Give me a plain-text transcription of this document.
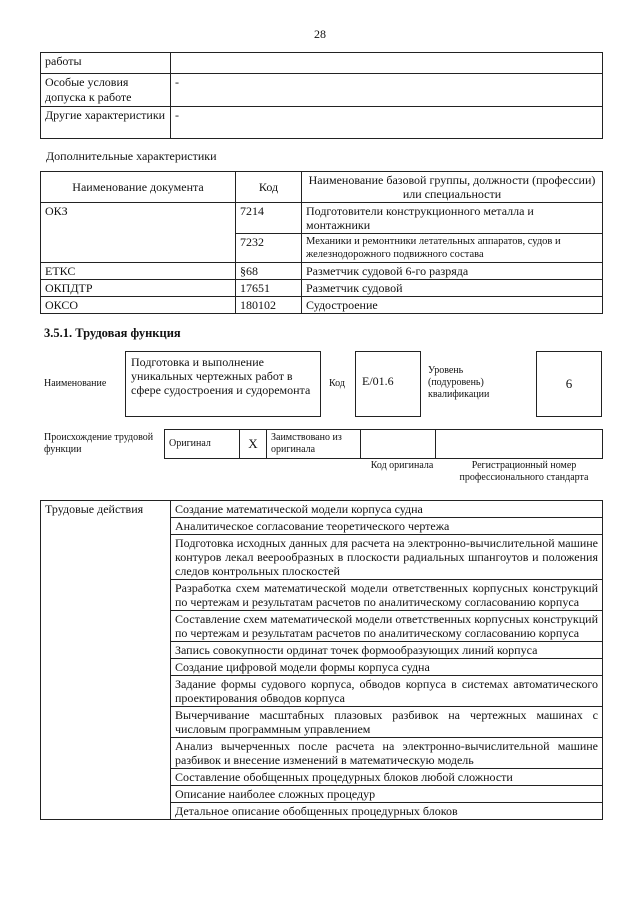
28
работы	
Особые условия допуска к работе	-
Другие характеристики	-
Дополнительные характеристики
Наименование документа	Код	Наименование базовой группы, должности (профессии) или специальности
ОКЗ	7214	Подготовители конструкционного металла и монтажники
	7232	Механики и ремонтники летательных аппаратов, судов и железнодорожного подвижного состава
ЕТКС	§68	Разметчик судовой 6-го разряда
ОКПДТР	17651	Разметчик судовой
ОКСО	180102	Судостроение
3.5.1. Трудовая функция
Наименование
Подготовка и выполнение уникальных чертежных работ в сфере судостроения и судоремонта	Код	E/01.6
Уровень (подуровень) квалификации
6
Происхождение трудовой функции
Оригинал	X	Заимствовано из оригинала		
Код оригинала	Регистрационный номер профессионального стандарта
Трудовые действия	Создание математической модели корпуса судна
Аналитическое согласование теоретического чертежа
Подготовка исходных данных для расчета на электронно-вычислительной машине контуров лекал веерообразных в плоскости радиальных шпангоутов и положения следов контрольных плоскостей
Разработка схем математической модели ответственных корпусных конструкций по чертежам и результатам расчетов по аналитическому согласованию корпуса
Составление схем математической модели ответственных корпусных конструкций по чертежам и результатам расчетов по аналитическому согласованию корпуса
Запись совокупности ординат точек формообразующих линий корпуса
Создание цифровой модели формы корпуса судна
Задание формы судового корпуса, обводов корпуса в системах автоматического проектирования обводов корпуса
Вычерчивание масштабных плазовых разбивок на чертежных машинах с числовым программным управлением
Анализ вычерченных после расчета на электронно-вычислительной машине разбивок и внесение изменений в математическую модель
Составление обобщенных процедурных блоков любой сложности
Описание наиболее сложных процедур
Детальное описание обобщенных процедурных блоков
